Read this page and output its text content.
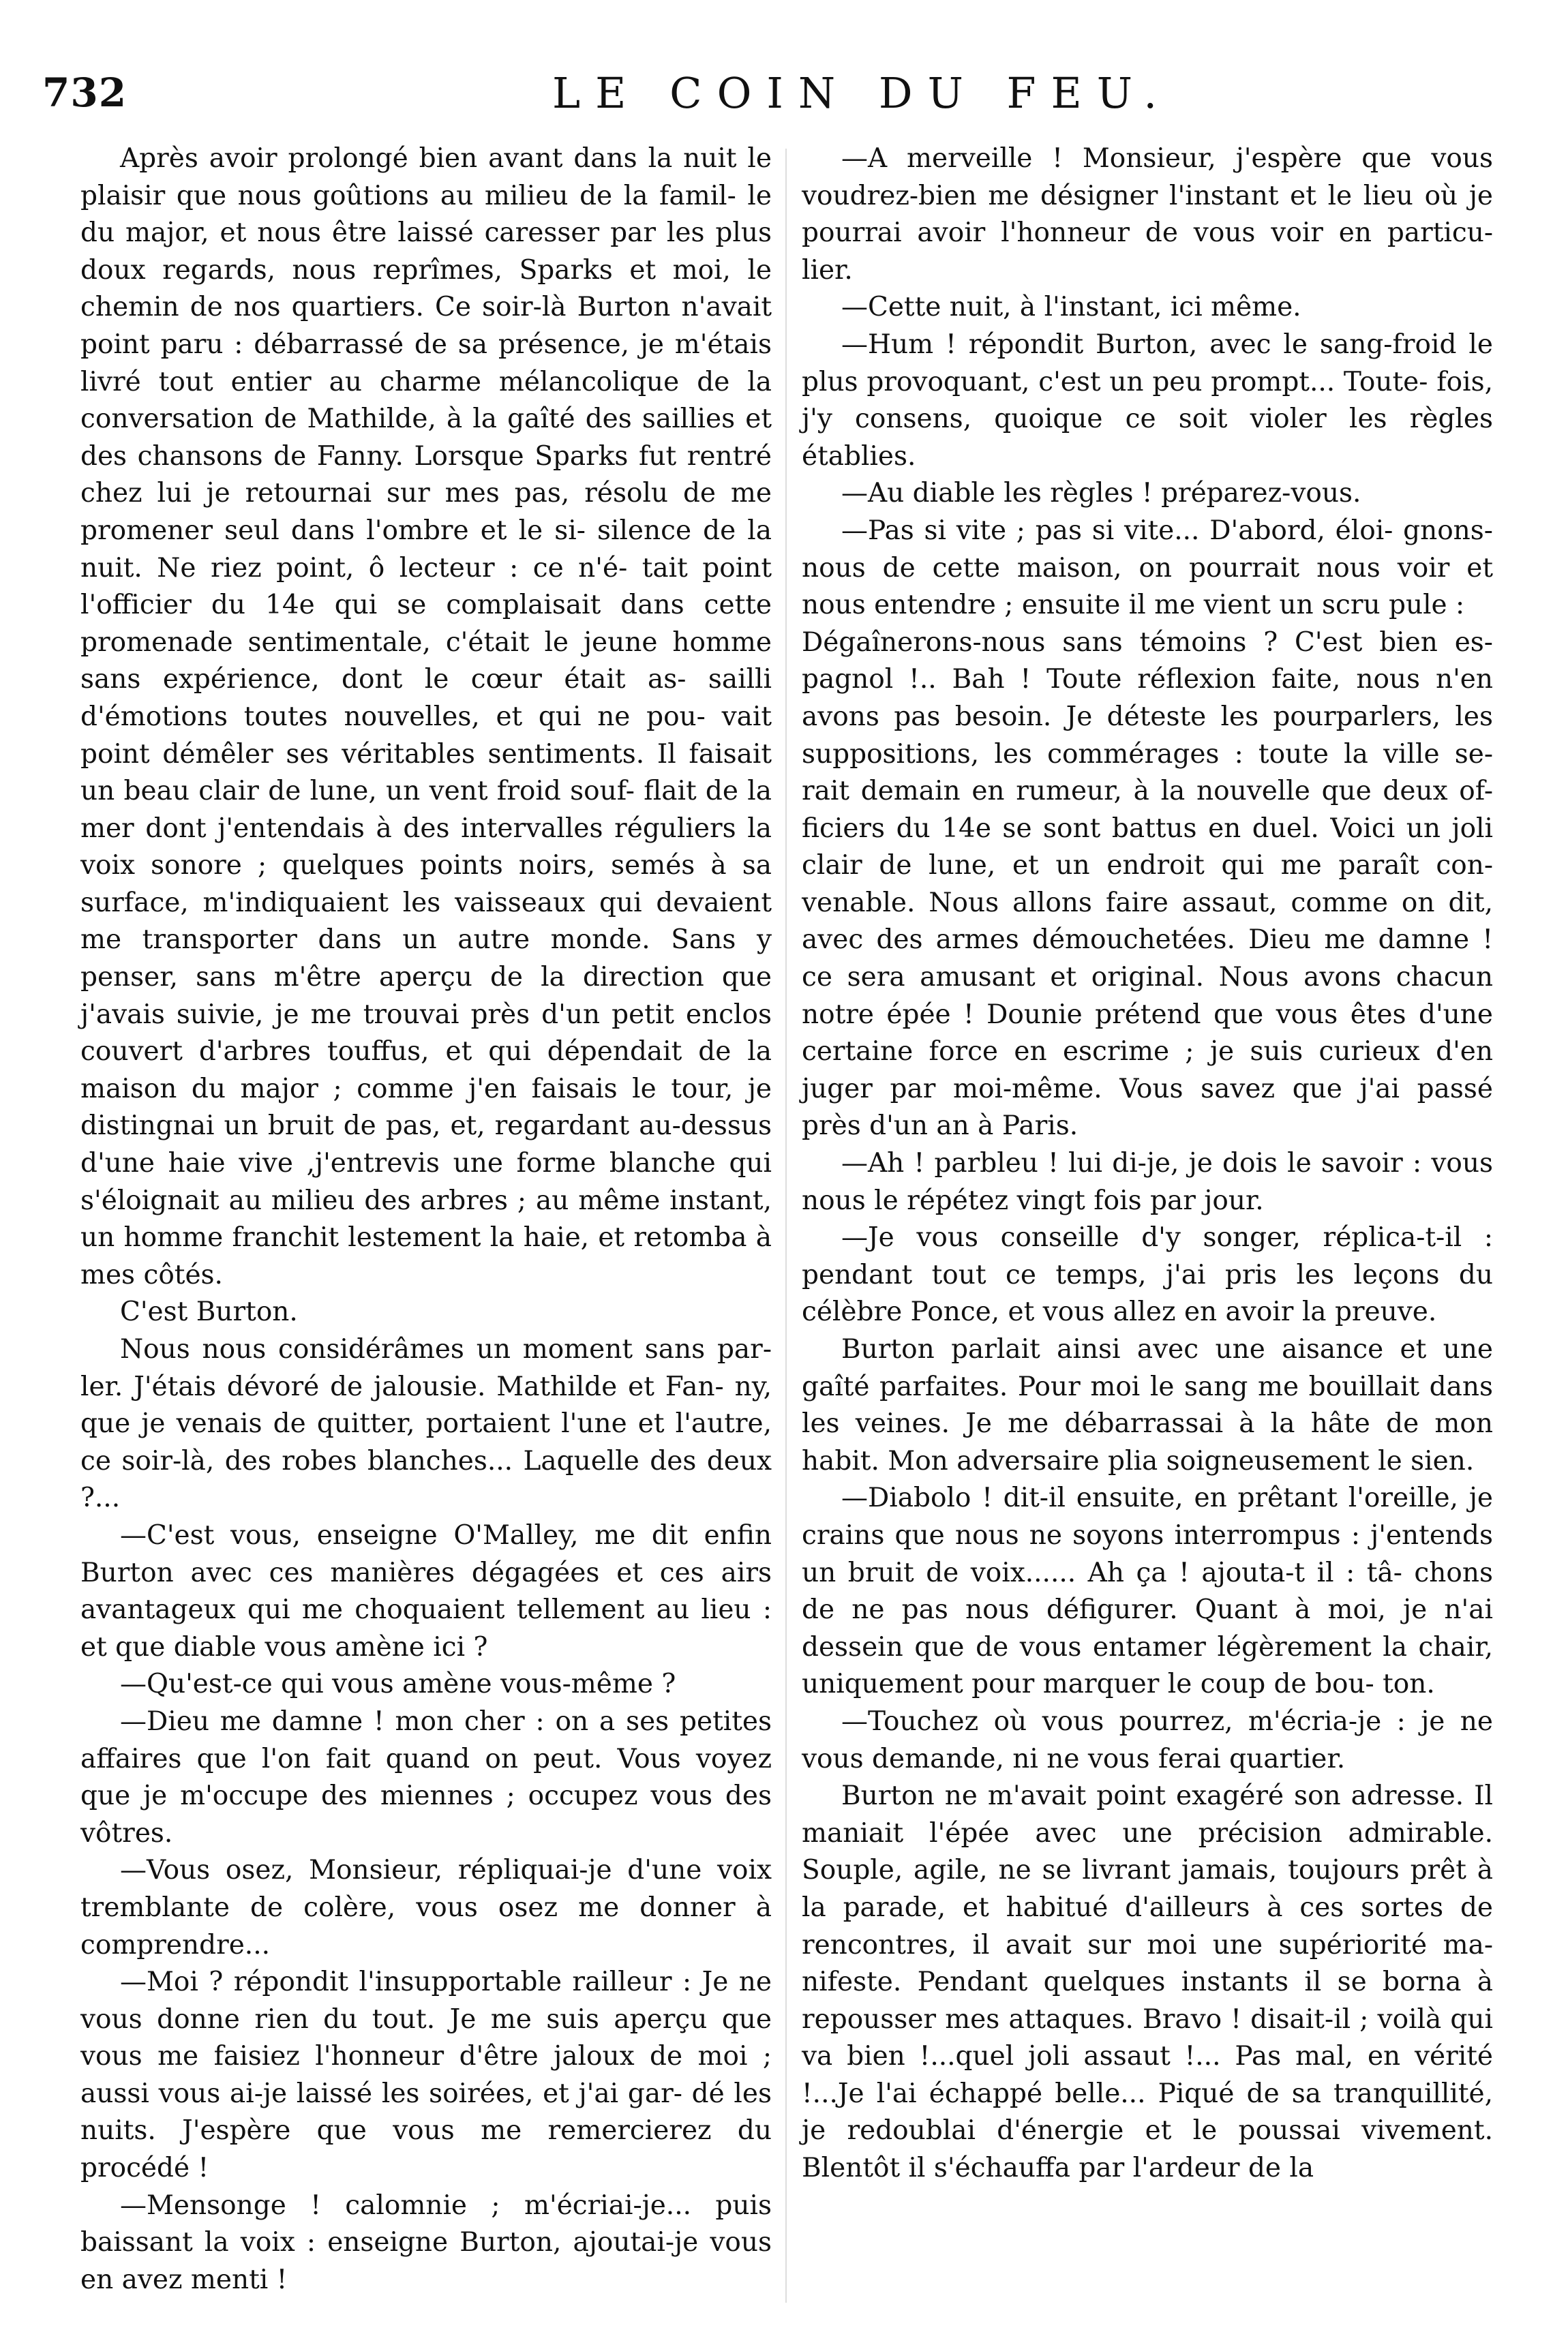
732	LE COIN DU FEU.

Après avoir prolongé bien avant dans la nuit le plaisir que nous goûtions au milieu de la famil- le du major, et nous être laissé caresser par les plus doux regards, nous reprîmes, Sparks et moi, le chemin de nos quartiers. Ce soir-là Burton n'avait point paru : débarrassé de sa présence, je m'étais livré tout entier au charme mélancolique de la conversation de Mathilde, à la gaîté des saillies et des chansons de Fanny. Lorsque Sparks fut rentré chez lui je retournai sur mes pas, résolu de me promener seul dans l'ombre et le si- silence de la nuit. Ne riez point, ô lecteur : ce n'é- tait point l'officier du 14e qui se complaisait dans cette promenade sentimentale, c'était le jeune homme sans expérience, dont le cœur était as- sailli d'émotions toutes nouvelles, et qui ne pou- vait point démêler ses véritables sentiments. Il faisait un beau clair de lune, un vent froid souf- flait de la mer dont j'entendais à des intervalles réguliers la voix sonore ; quelques points noirs, semés à sa surface, m'indiquaient les vaisseaux qui devaient me transporter dans un autre monde. Sans y penser, sans m'être aperçu de la direction que j'avais suivie, je me trouvai près d'un petit enclos couvert d'arbres touffus, et qui dépendait de la maison du major ; comme j'en faisais le tour, je distingnai un bruit de pas, et, regardant au-dessus d'une haie vive ,j'entrevis une forme blanche qui s'éloignait au milieu des arbres ; au même instant, un homme franchit lestement la haie, et retomba à mes côtés.

C'est Burton.

Nous nous considérâmes un moment sans par- ler. J'étais dévoré de jalousie. Mathilde et Fan- ny, que je venais de quitter, portaient l'une et l'autre, ce soir-là, des robes blanches... Laquelle des deux ?...

—C'est vous, enseigne O'Malley, me dit enfin Burton avec ces manières dégagées et ces airs avantageux qui me choquaient tellement au lieu : et que diable vous amène ici ?

—Qu'est-ce qui vous amène vous-même ?

—Dieu me damne ! mon cher : on a ses petites affaires que l'on fait quand on peut. Vous voyez que je m'occupe des miennes ; occupez vous des vôtres.

—Vous osez, Monsieur, répliquai-je d'une voix tremblante de colère, vous osez me donner à comprendre...

—Moi ? répondit l'insupportable railleur : Je ne vous donne rien du tout. Je me suis aperçu que vous me faisiez l'honneur d'être jaloux de moi ; aussi vous ai-je laissé les soirées, et j'ai gar- dé les nuits. J'espère que vous me remercierez du procédé !

—Mensonge ! calomnie ; m'écriai-je... puis baissant la voix : enseigne Burton, ajoutai-je vous en avez menti !

—A merveille ! Monsieur, j'espère que vous voudrez-bien me désigner l'instant et le lieu où je pourrai avoir l'honneur de vous voir en particu- lier.

—Cette nuit, à l'instant, ici même.

—Hum ! répondit Burton, avec le sang-froid le plus provoquant, c'est un peu prompt... Toute- fois, j'y consens, quoique ce soit violer les règles établies.

—Au diable les règles ! préparez-vous.

—Pas si vite ; pas si vite... D'abord, éloi- gnons-nous de cette maison, on pourrait nous voir et nous entendre ; ensuite il me vient un scru pule :

Dégaînerons-nous sans témoins ? C'est bien es- pagnol !.. Bah ! Toute réflexion faite, nous n'en avons pas besoin. Je déteste les pourparlers, les suppositions, les commérages : toute la ville se- rait demain en rumeur, à la nouvelle que deux of- ficiers du 14e se sont battus en duel. Voici un joli clair de lune, et un endroit qui me paraît con- venable. Nous allons faire assaut, comme on dit, avec des armes démouchetées. Dieu me damne ! ce sera amusant et original. Nous avons chacun notre épée ! Dounie prétend que vous êtes d'une certaine force en escrime ; je suis curieux d'en juger par moi-même. Vous savez que j'ai passé près d'un an à Paris.

—Ah ! parbleu ! lui di-je, je dois le savoir : vous nous le répétez vingt fois par jour.

—Je vous conseille d'y songer, réplica-t-il : pendant tout ce temps, j'ai pris les leçons du célèbre Ponce, et vous allez en avoir la preuve.

Burton parlait ainsi avec une aisance et une gaîté parfaites. Pour moi le sang me bouillait dans les veines. Je me débarrassai à la hâte de mon habit. Mon adversaire plia soigneusement le sien.

—Diabolo ! dit-il ensuite, en prêtant l'oreille, je crains que nous ne soyons interrompus : j'entends un bruit de voix...... Ah ça ! ajouta-t il : tâ- chons de ne pas nous défigurer. Quant à moi, je n'ai dessein que de vous entamer légèrement la chair, uniquement pour marquer le coup de bou- ton.

—Touchez où vous pourrez, m'écria-je : je ne vous demande, ni ne vous ferai quartier.

Burton ne m'avait point exagéré son adresse. Il maniait l'épée avec une précision admirable. Souple, agile, ne se livrant jamais, toujours prêt à la parade, et habitué d'ailleurs à ces sortes de rencontres, il avait sur moi une supériorité ma- nifeste. Pendant quelques instants il se borna à repousser mes attaques. Bravo ! disait-il ; voilà qui va bien !...quel joli assaut !... Pas mal, en vérité !...Je l'ai échappé belle... Piqué de sa tranquillité, je redoublai d'énergie et le poussai vivement. Blentôt il s'échauffa par l'ardeur de la
